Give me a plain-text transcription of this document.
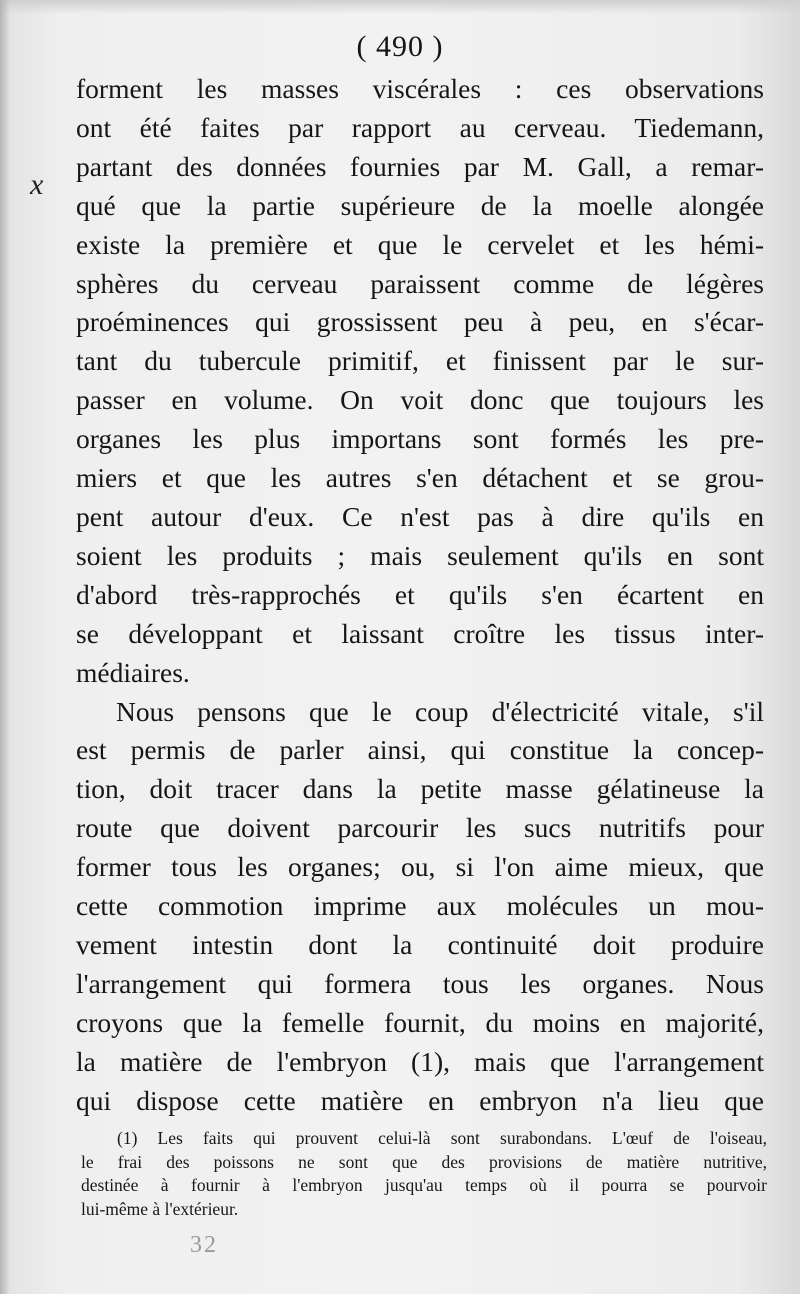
( 490 )
x
forment les masses viscérales : ces observations
ont été faites par rapport au cerveau. Tiedemann,
partant des données fournies par M. Gall, a remar-
qué que la partie supérieure de la moelle alongée
existe la première et que le cervelet et les hémi-
sphères du cerveau paraissent comme de légères
proéminences qui grossissent peu à peu, en s'écar-
tant du tubercule primitif, et finissent par le sur-
passer en volume. On voit donc que toujours les
organes les plus importans sont formés les pre-
miers et que les autres s'en détachent et se grou-
pent autour d'eux. Ce n'est pas à dire qu'ils en
soient les produits ; mais seulement qu'ils en sont
d'abord très-rapprochés et qu'ils s'en écartent en
se développant et laissant croître les tissus inter-
médiaires.
Nous pensons que le coup d'électricité vitale, s'il
est permis de parler ainsi, qui constitue la concep-
tion, doit tracer dans la petite masse gélatineuse la
route que doivent parcourir les sucs nutritifs pour
former tous les organes; ou, si l'on aime mieux, que
cette commotion imprime aux molécules un mou-
vement intestin dont la continuité doit produire
l'arrangement qui formera tous les organes. Nous
croyons que la femelle fournit, du moins en majorité,
la matière de l'embryon (1), mais que l'arrangement
qui dispose cette matière en embryon n'a lieu que
(1) Les faits qui prouvent celui-là sont surabondans. L'œuf de l'oiseau,
le frai des poissons ne sont que des provisions de matière nutritive,
destinée à fournir à l'embryon jusqu'au temps où il pourra se pourvoir
lui-même à l'extérieur.
32
